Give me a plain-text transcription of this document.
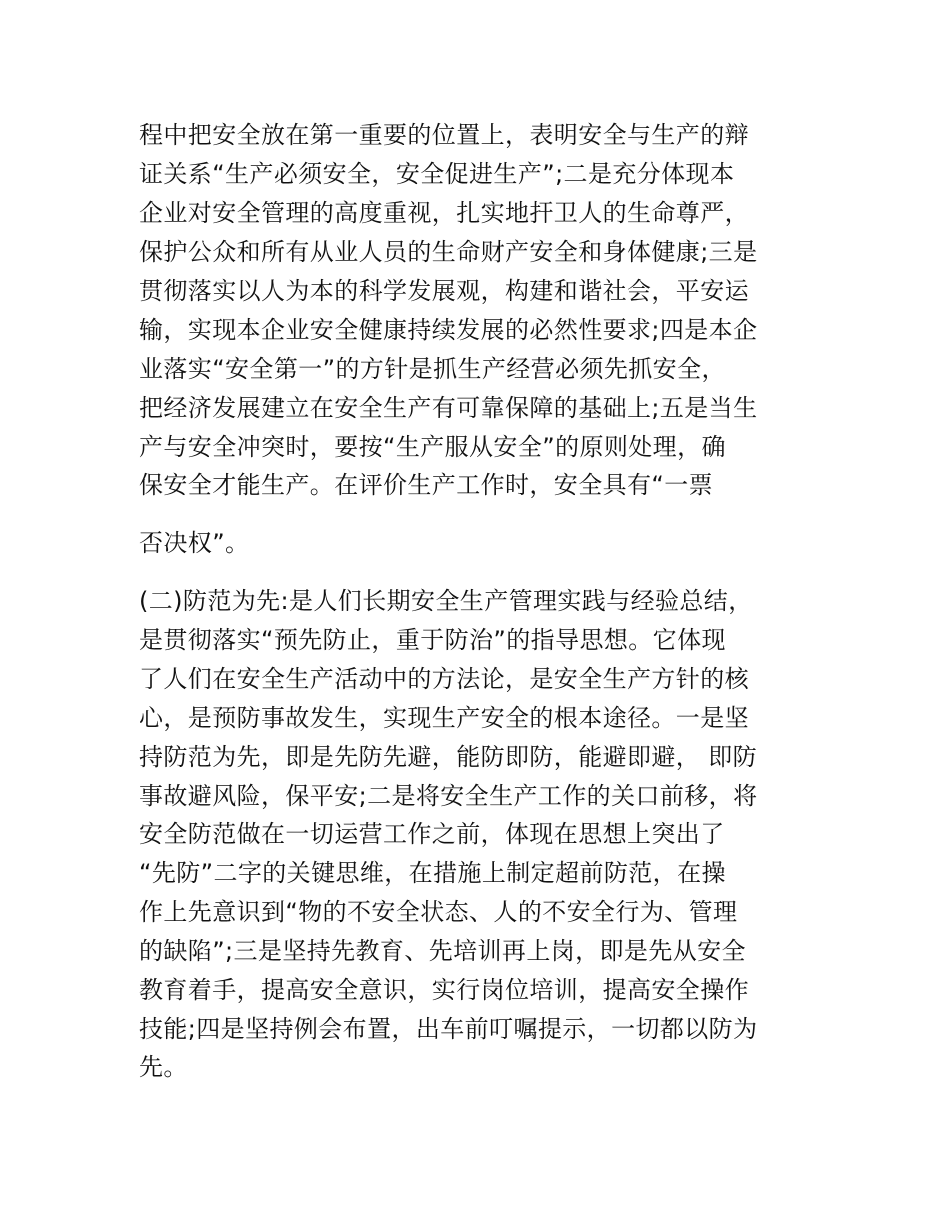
程中把安全放在第一重要的位置上，表明安全与生产的辩
证关系“生产必须安全，安全促进生产”;二是充分体现本
企业对安全管理的高度重视，扎实地扞卫人的生命尊严，
保护公众和所有从业人员的生命财产安全和身体健康;三是
贯彻落实以人为本的科学发展观，构建和谐社会，平安运
输，实现本企业安全健康持续发展的必然性要求;四是本企
业落实“安全第一”的方针是抓生产经营必须先抓安全，
把经济发展建立在安全生产有可靠保障的基础上;五是当生
产与安全冲突时，要按“生产服从安全”的原则处理，确
保安全才能生产。在评价生产工作时，安全具有“一票
否决权”。
(二)防范为先:是人们长期安全生产管理实践与经验总结，
是贯彻落实“预先防止，重于防治”的指导思想。它体现
了人们在安全生产活动中的方法论，是安全生产方针的核
心，是预防事故发生，实现生产安全的根本途径。一是坚
持防范为先，即是先防先避，能防即防，能避即避， 即防
事故避风险，保平安;二是将安全生产工作的关口前移，将
安全防范做在一切运营工作之前，体现在思想上突出了
“先防”二字的关键思维，在措施上制定超前防范，在操
作上先意识到“物的不安全状态、人的不安全行为、管理
的缺陷”;三是坚持先教育、先培训再上岗，即是先从安全
教育着手，提高安全意识，实行岗位培训，提高安全操作
技能;四是坚持例会布置，出车前叮嘱提示，一切都以防为
先。
